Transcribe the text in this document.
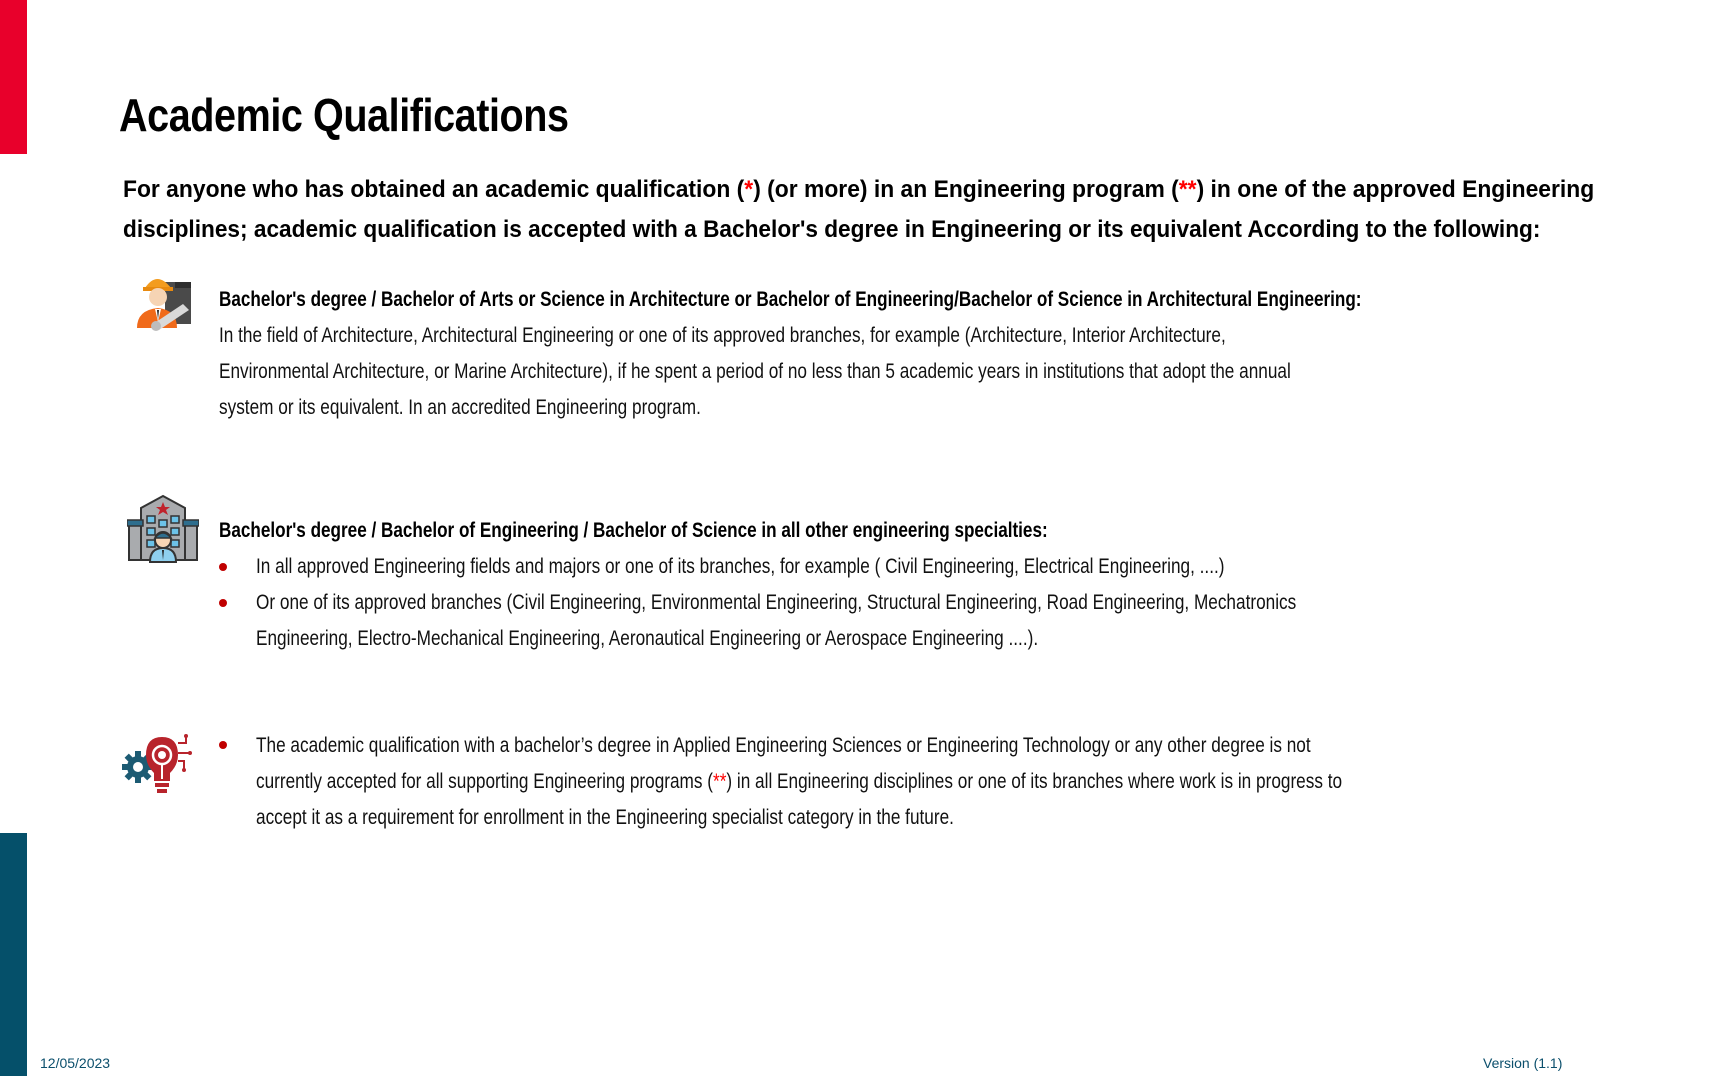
Academic Qualifications
For anyone who has obtained an academic qualification (*) (or more) in an Engineering program (**) in one of the approved Engineering
disciplines; academic qualification is accepted with a Bachelor's degree in Engineering or its equivalent According to the following:
Bachelor's degree / Bachelor of Arts or Science in Architecture or Bachelor of Engineering/Bachelor of Science in Architectural Engineering:
In the field of Architecture, Architectural Engineering or one of its approved branches, for example (Architecture, Interior Architecture,
Environmental Architecture, or Marine Architecture), if he spent a period of no less than 5 academic years in institutions that adopt the annual
system or its equivalent. In an accredited Engineering program.
Bachelor's degree / Bachelor of Engineering / Bachelor of Science in all other engineering specialties:
In all approved Engineering fields and majors or one of its branches, for example ( Civil Engineering, Electrical Engineering, ....)
Or one of its approved branches (Civil Engineering, Environmental Engineering, Structural Engineering, Road Engineering, Mechatronics
Engineering, Electro-Mechanical Engineering, Aeronautical Engineering or Aerospace Engineering ....).
The academic qualification with a bachelor’s degree in Applied Engineering Sciences or Engineering Technology or any other degree is not
currently accepted for all supporting Engineering programs (**) in all Engineering disciplines or one of its branches where work is in progress to
accept it as a requirement for enrollment in the Engineering specialist category in the future.
12/05/2023	Version (1.1)
